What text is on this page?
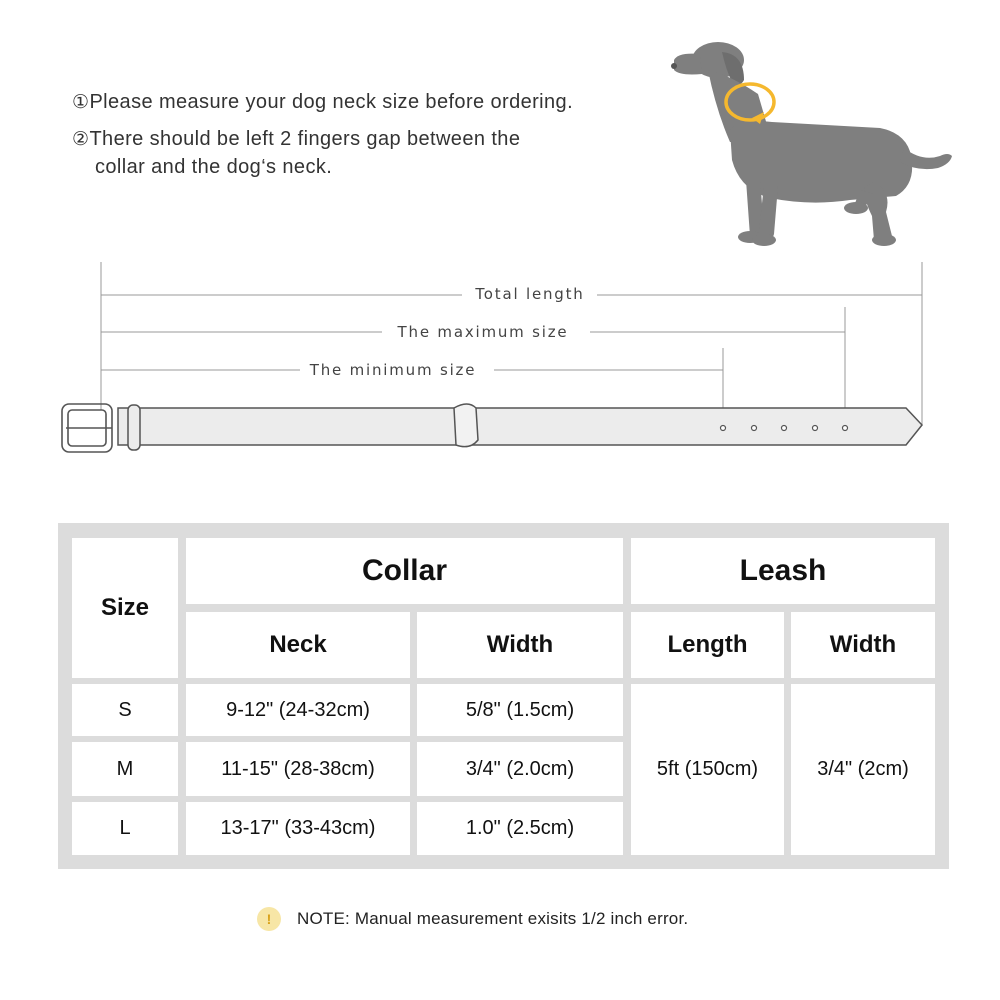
①Please measure your dog neck size before ordering.
②There should be left 2 fingers gap between the
collar and the dog‘s neck.
Total length
The maximum size
The minimum size
Size
Collar	Leash
Neck	Width	Length	Width
S	9-12" (24-32cm)	5/8" (1.5cm)
M	11-15" (28-38cm)	3/4" (2.0cm)
L	13-17" (33-43cm)	1.0" (2.5cm)
5ft (150cm)	3/4" (2cm)
!	NOTE: Manual measurement exisits 1/2 inch error.
